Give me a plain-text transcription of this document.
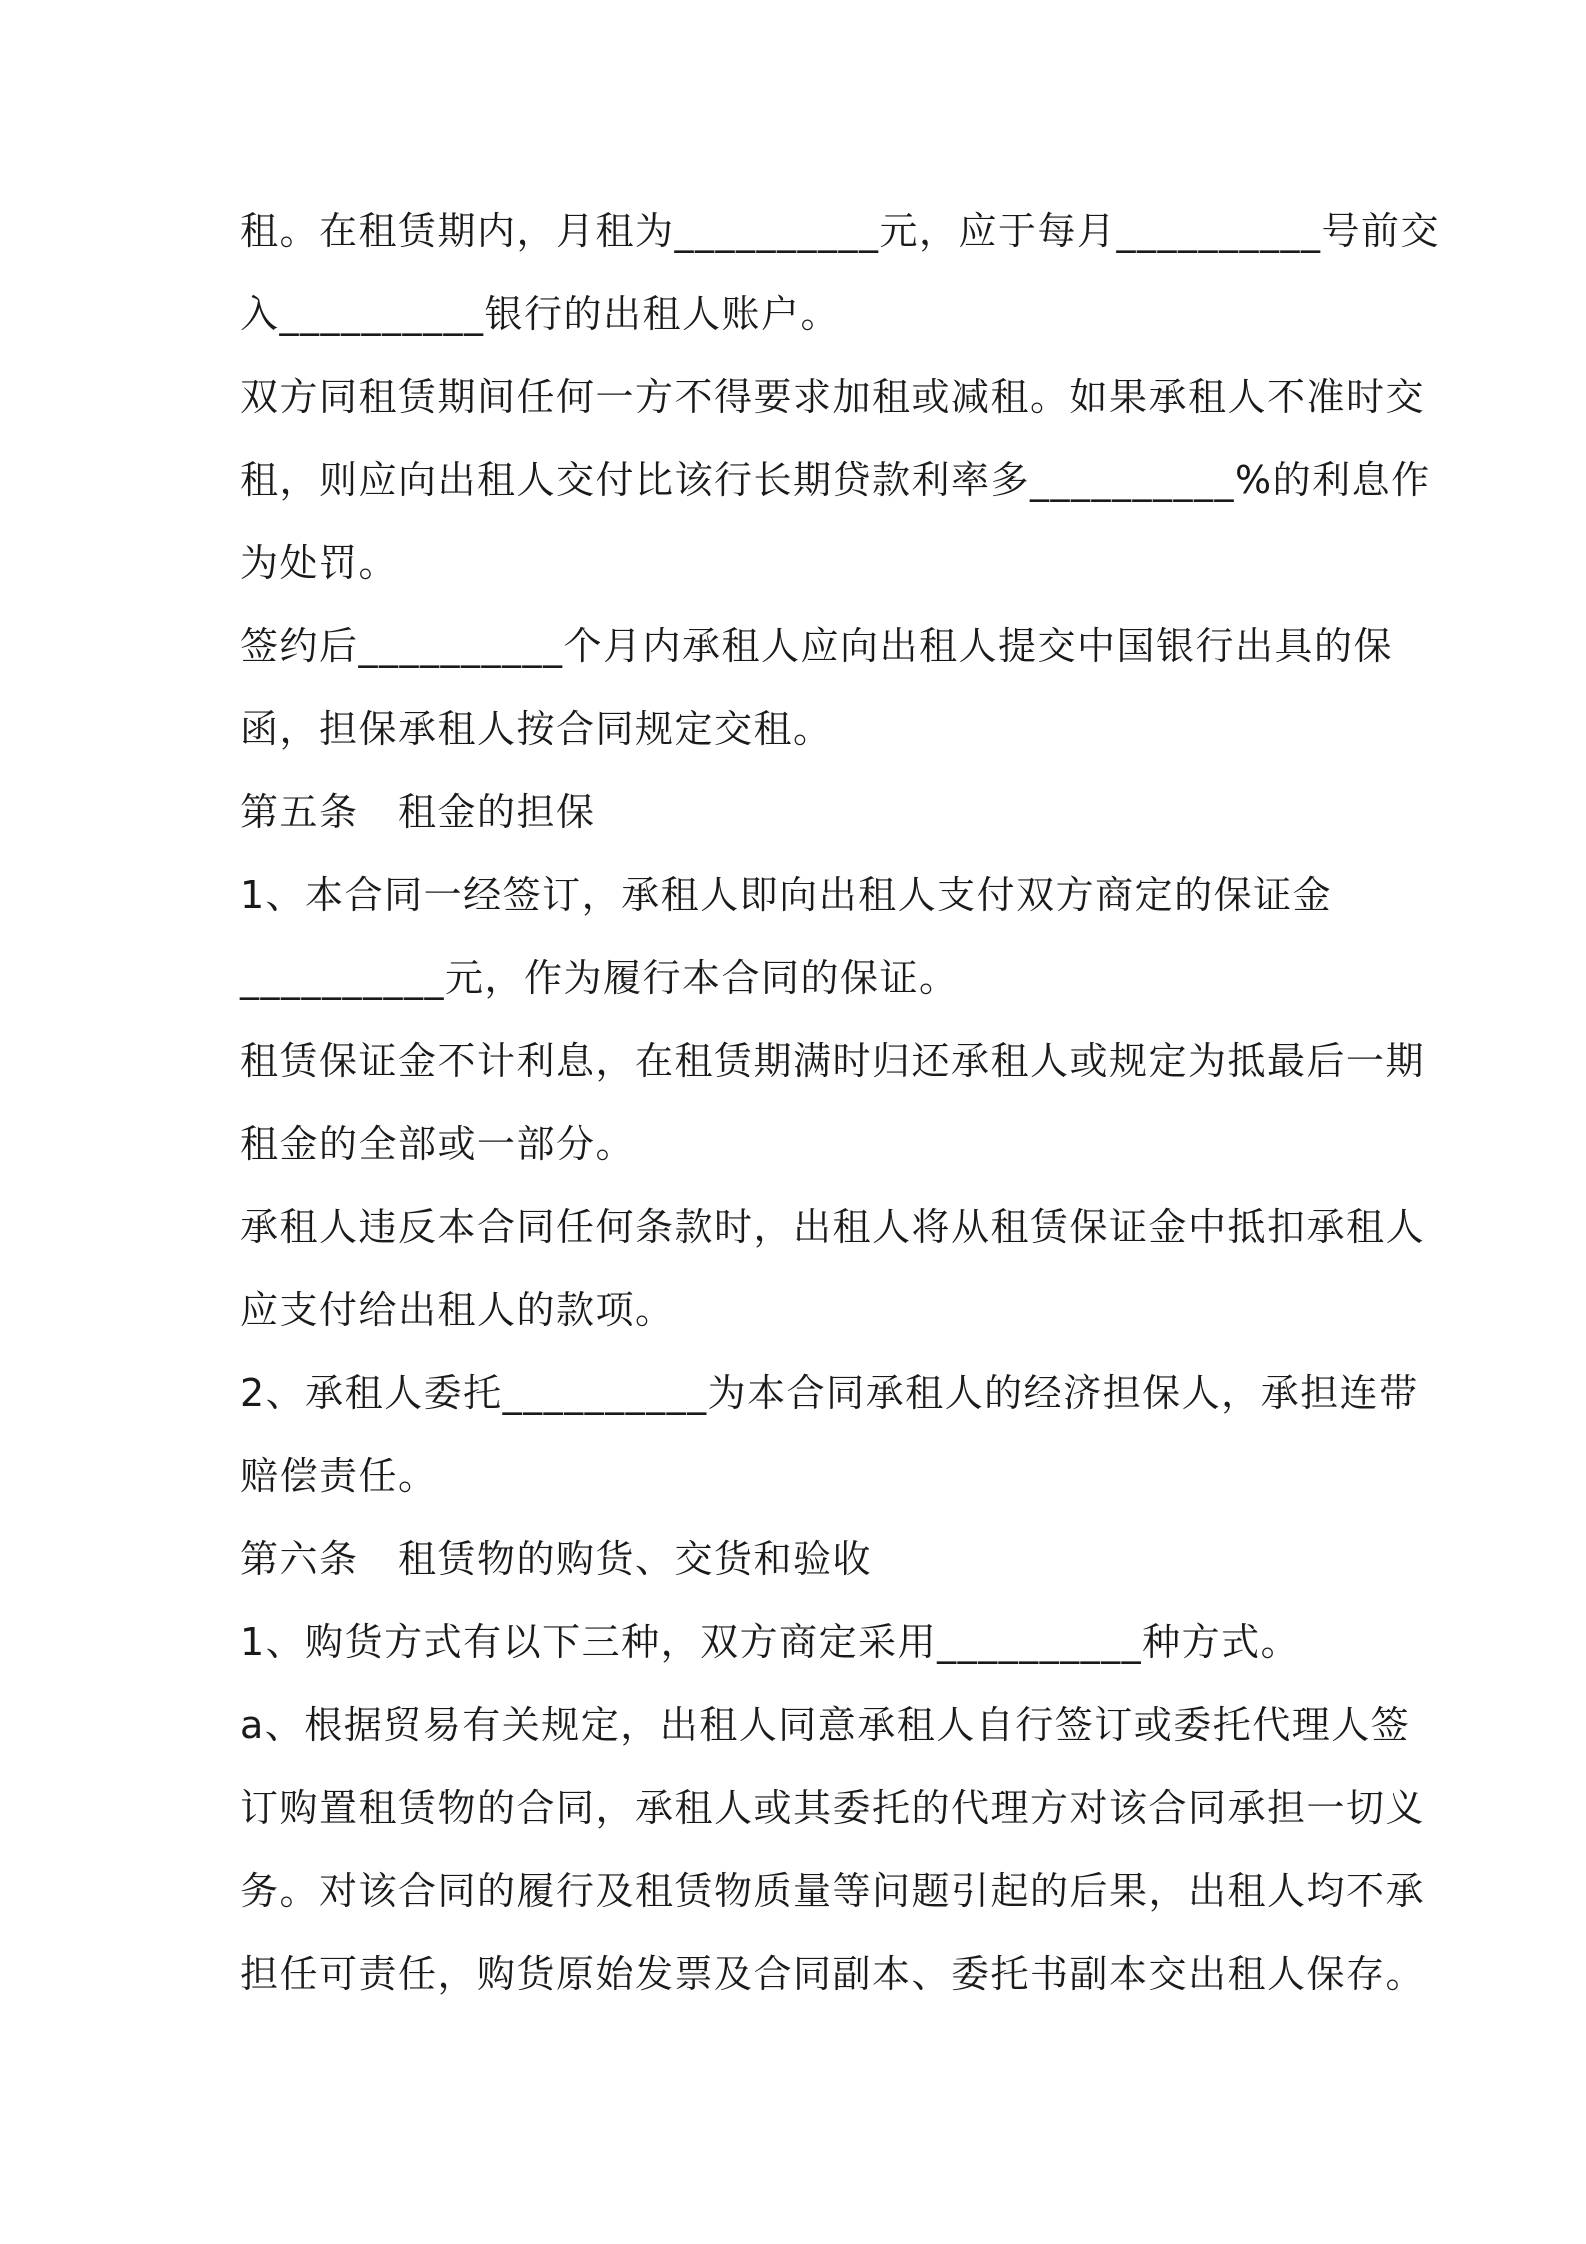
租。在租赁期内，月租为__________元，应于每月__________号前交
入__________银行的出租人账户。
双方同租赁期间任何一方不得要求加租或减租。如果承租人不准时交
租，则应向出租人交付比该行长期贷款利率多__________%的利息作
为处罚。
签约后__________个月内承租人应向出租人提交中国银行出具的保
函，担保承租人按合同规定交租。
第五条　租金的担保
1、本合同一经签订，承租人即向出租人支付双方商定的保证金
__________元，作为履行本合同的保证。
租赁保证金不计利息，在租赁期满时归还承租人或规定为抵最后一期
租金的全部或一部分。
承租人违反本合同任何条款时，出租人将从租赁保证金中抵扣承租人
应支付给出租人的款项。
2、承租人委托__________为本合同承租人的经济担保人，承担连带
赔偿责任。
第六条　租赁物的购货、交货和验收
1、购货方式有以下三种，双方商定采用__________种方式。
a、根据贸易有关规定，出租人同意承租人自行签订或委托代理人签
订购置租赁物的合同，承租人或其委托的代理方对该合同承担一切义
务。对该合同的履行及租赁物质量等问题引起的后果，出租人均不承
担任可责任，购货原始发票及合同副本、委托书副本交出租人保存。
